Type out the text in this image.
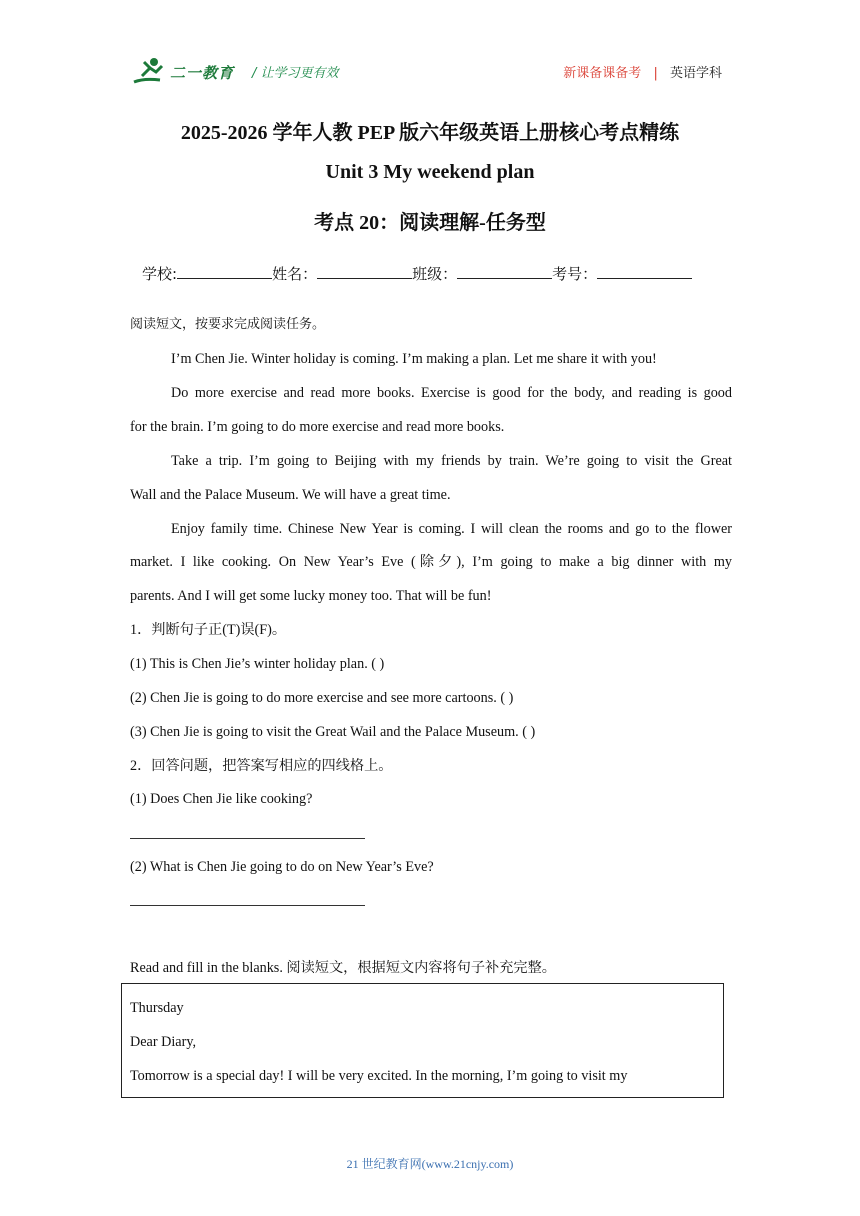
二一教育 / 让学习更有效	新课备课备考 | 英语学科
2025-2026 学年人教 PEP 版六年级英语上册核心考点精练
Unit 3 My weekend plan
考点 20：阅读理解-任务型
学校:	姓名：	班级：	考号：
阅读短文，按要求完成阅读任务。
I’m Chen Jie. Winter holiday is coming. I’m making a plan. Let me share it with you!
Do more exercise and read more books. Exercise is good for the body, and reading is good
for the brain. I’m going to do more exercise and read more books.
Take a trip. I’m going to Beijing with my friends by train. We’re going to visit the Great
Wall and the Palace Museum. We will have a great time.
Enjoy family time. Chinese New Year is coming. I will clean the rooms and go to the flower
market. I like cooking. On New Year’s Eve (除夕), I’m going to make a big dinner with my
parents. And I will get some lucky money too. That will be fun!
1．判断句子正(T)误(F)。
(1) This is Chen Jie’s winter holiday plan. ( )
(2) Chen Jie is going to do more exercise and see more cartoons. ( )
(3) Chen Jie is going to visit the Great Wail and the Palace Museum. ( )
2．回答问题，把答案写相应的四线格上。
(1) Does Chen Jie like cooking?
(2) What is Chen Jie going to do on New Year’s Eve?
Read and fill in the blanks. 阅读短文，根据短文内容将句子补充完整。
Thursday
Dear Diary,
Tomorrow is a special day! I will be very excited. In the morning, I’m going to visit my
21 世纪教育网(www.21cnjy.com)
